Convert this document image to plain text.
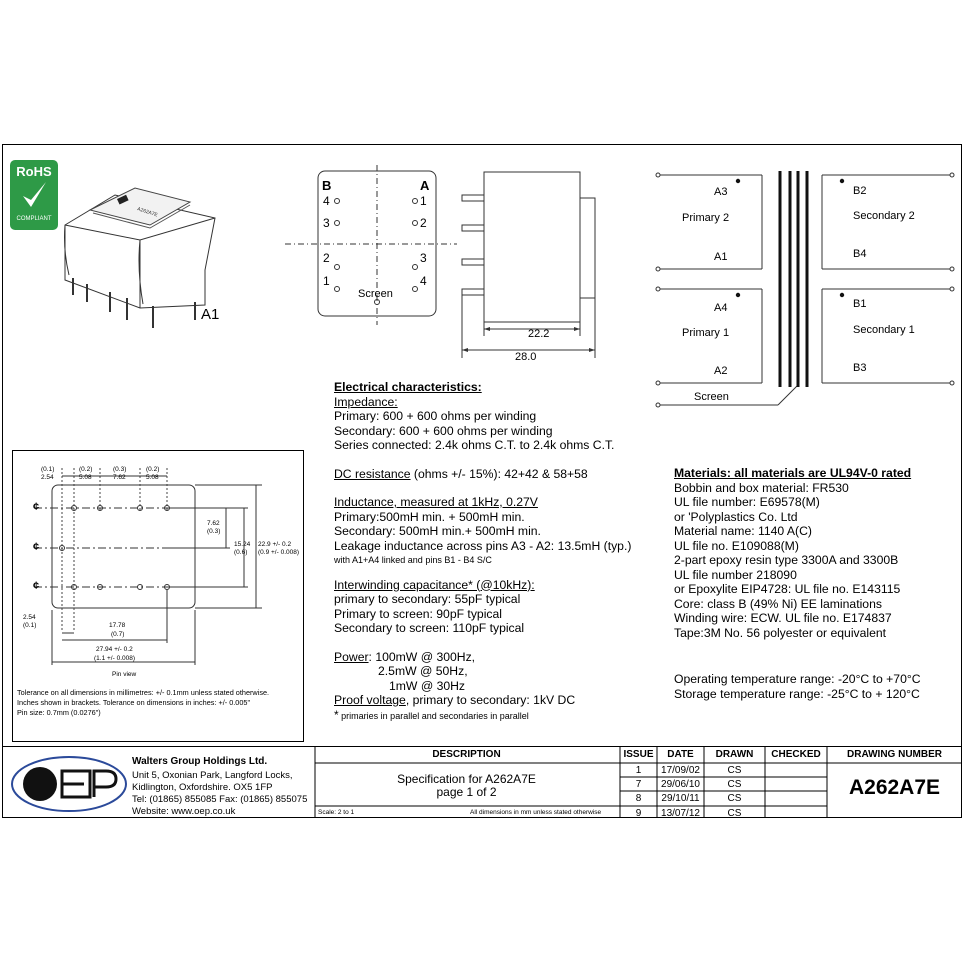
RoHS
COMPLIANT
A262A7E
A1
B	A
4
3
2
1
1
2
3
4
Screen
22.2
28.0
A3
Primary 2
A1
A4
Primary 1
A2
Screen
B2
Secondary 2
B4
B1
Secondary 1
B3
(0.1)
2.54
(0.2)
5.08
(0.3)
7.62
(0.2)
5.08
7.62
(0.3)
15.24
(0.6)
22.9 +/- 0.2
(0.9 +/- 0.008)
2.54
(0.1)	17.78
(0.7)
27.94 +/- 0.2
(1.1 +/- 0.008)
¢
¢
¢
Pin view
Tolerance on all dimensions in millimetres: +/- 0.1mm unless stated otherwise.
Inches shown in brackets. Tolerance on dimensions in inches: +/- 0.005"
Pin size: 0.7mm (0.0276")
Electrical characteristics:
Impedance:
Primary: 600 + 600 ohms per winding
Secondary: 600 + 600 ohms per winding
Series connected: 2.4k ohms C.T. to 2.4k ohms C.T.
DC resistance (ohms +/- 15%): 42+42 & 58+58
Inductance, measured at 1kHz, 0.27V
Primary:500mH min. + 500mH min.
Secondary: 500mH min.+ 500mH min.
Leakage inductance across pins A3 - A2: 13.5mH (typ.)
with A1+A4 linked and pins B1 - B4 S/C
Interwinding capacitance* (@10kHz):
primary to secondary: 55pF typical
Primary to screen: 90pF typical
Secondary to screen: 110pF typical
Power: 100mW @ 300Hz,
2.5mW @ 50Hz,
1mW @ 30Hz
Proof voltage, primary to secondary: 1kV DC
* primaries in parallel and secondaries in parallel
Materials: all materials are UL94V-0 rated
Bobbin and box material: FR530
UL file number: E69578(M)
or 'Polyplastics Co. Ltd
Material name: 1140 A(C)
UL file no. E109088(M)
2-part epoxy resin type 3300A and 3300B
UL file number 218090
or Epoxylite EIP4728: UL file no. E143115
Core: class B (49% Ni) EE laminations
Winding wire: ECW. UL file no. E174837
Tape:3M No. 56 polyester or equivalent
Operating temperature range: -20°C to +70°C
Storage temperature range: -25°C to + 120°C
Walters Group Holdings Ltd.
Unit 5, Oxonian Park, Langford Locks,
Kidlington, Oxfordshire. OX5 1FP
Tel: (01865) 855085 Fax: (01865) 855075
Website: www.oep.co.uk
DESCRIPTION
Specification for A262A7E
page 1 of 2
Scale: 2 to 1	All dimensions in mm unless stated otherwise
ISSUE	DATE	DRAWN	CHECKED	DRAWING NUMBER
1	17/09/02	CS
7	29/06/10	CS
8	29/10/11	CS
9	13/07/12	CS
A262A7E
